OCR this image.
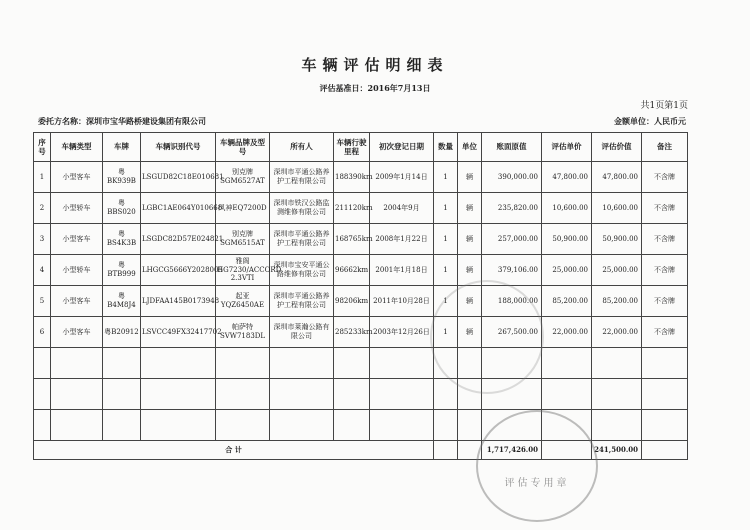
车辆评估明细表
评估基准日：2016年7月13日
共1页第1页
委托方名称：深圳市宝华路桥建设集团有限公司	金额单位：人民币元
序号	车辆类型	车牌	车辆识别代号	车辆品牌及型号	所有人	车辆行驶里程	初次登记日期	数量	单位	账面原值	评估单价	评估价值	备注
1	小型客车	粤BK939B	LSGUD82C18E010681	别克牌SGM6527AT	深圳市平通公路养护工程有限公司	188390km	2009年1月14日	1	辆	390,000.00	47,800.00	47,800.00	不含牌
2	小型轿车	粤BBS020	LGBC1AE064Y010668	风神EQ7200D	深圳市铁汉公路监测维修有限公司	211120km	2004年9月	1	辆	235,820.00	10,600.00	10,600.00	不含牌
3	小型客车	粤BS4K3B	LSGDC82D57E024821	别克牌SGM6515AT	深圳市平通公路养护工程有限公司	168765km	2008年1月22日	1	辆	257,000.00	50,900.00	50,900.00	不含牌
4	小型轿车	粤BTB999	LHGCG5666Y2028005	雅阁HG7230/ACCORD 2.3VTI	深圳市宝安平通公路维修有限公司	96662km	2001年1月18日	1	辆	379,106.00	25,000.00	25,000.00	不含牌
5	小型客车	粤B4M8J4	LJDFAA145B0173948	起亚YQZ6450AE	深圳市平通公路养护工程有限公司	98206km	2011年10月28日	1	辆	188,000.00	85,200.00	85,200.00	不含牌
6	小型客车	粤B20912	LSVCC49FX32417702	帕萨特SVW7183DL	深圳市莱瀚公路有限公司	285233km	2003年12月26日	1	辆	267,500.00	22,000.00	22,000.00	不含牌

合 计										1,717,426.00		241,500.00	
评估专用章
